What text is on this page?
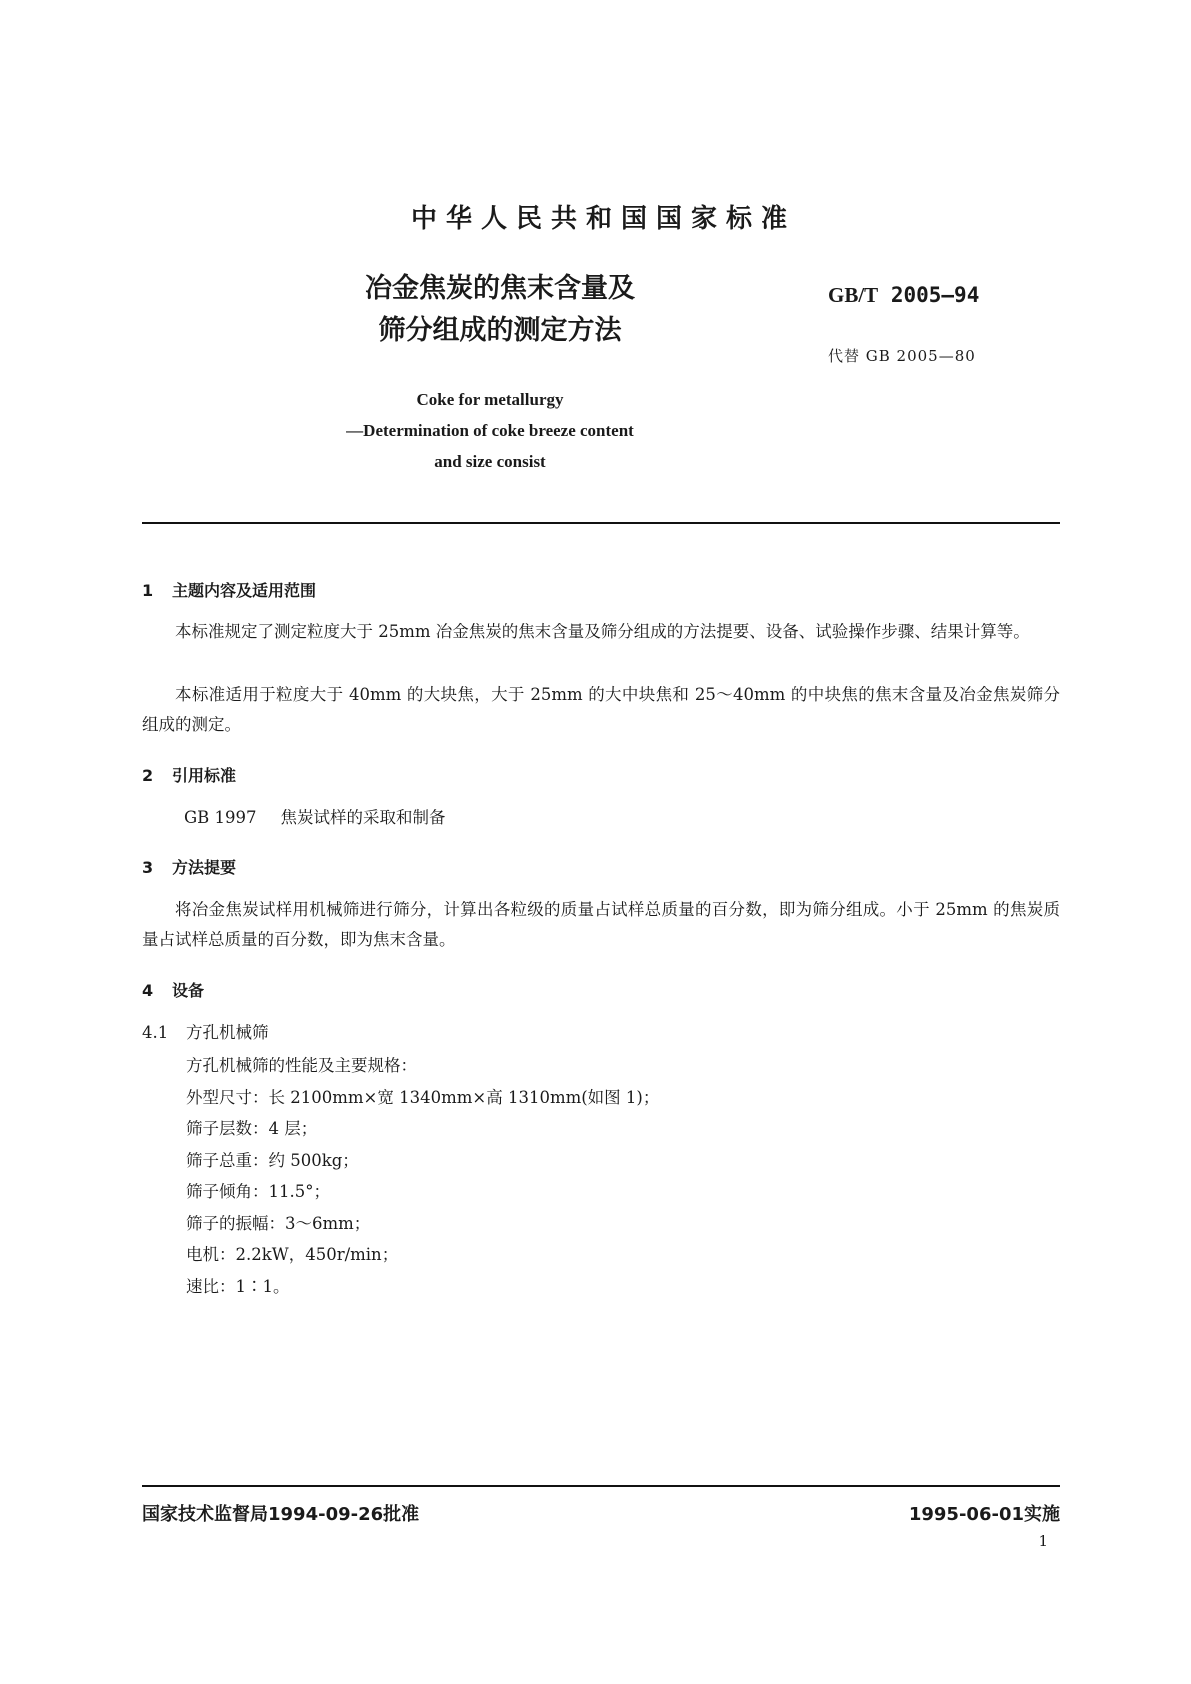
中华人民共和国国家标准
冶金焦炭的焦末含量及
筛分组成的测定方法
GB/T 2005—94
代替 GB 2005—80
Coke for metallurgy
—Determination of coke breeze content
and size consist
1 主题内容及适用范围
本标准规定了测定粒度大于 25mm 冶金焦炭的焦末含量及筛分组成的方法提要、设备、试验操作步骤、结果计算等。
本标准适用于粒度大于 40mm 的大块焦，大于 25mm 的大中块焦和 25～40mm 的中块焦的焦末含量及冶金焦炭筛分组成的测定。
2 引用标准
GB 1997 焦炭试样的采取和制备
3 方法提要
将冶金焦炭试样用机械筛进行筛分，计算出各粒级的质量占试样总质量的百分数，即为筛分组成。小于 25mm 的焦炭质量占试样总质量的百分数，即为焦末含量。
4 设备
4.1 方孔机械筛
方孔机械筛的性能及主要规格：
外型尺寸：长 2100mm×宽 1340mm×高 1310mm(如图 1)；
筛子层数：4 层；
筛子总重：约 500kg；
筛子倾角：11.5°；
筛子的振幅：3～6mm；
电机：2.2kW，450r/min；
速比：1∶1。
国家技术监督局1994-09-26批准	1995-06-01实施
1
